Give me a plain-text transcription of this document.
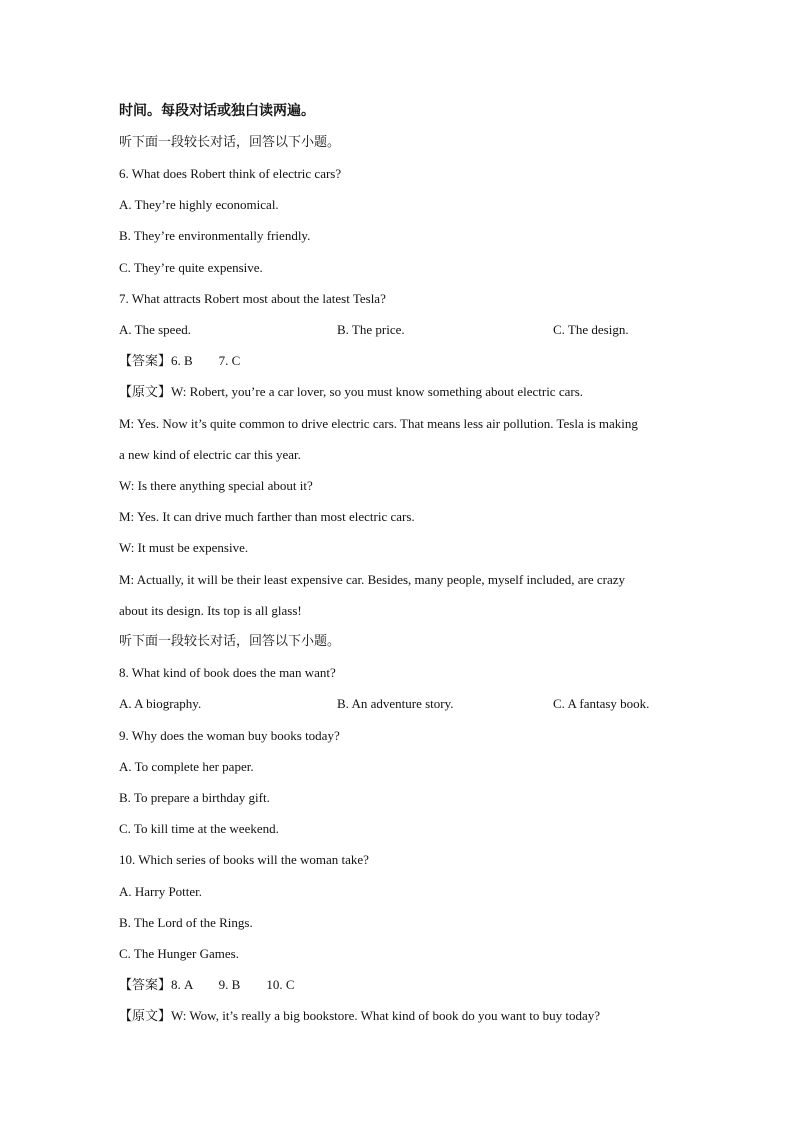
时间。每段对话或独白读两遍。
听下面一段较长对话，回答以下小题。
6. What does Robert think of electric cars?
A. They’re highly economical.
B. They’re environmentally friendly.
C. They’re quite expensive.
7. What attracts Robert most about the latest Tesla?
A. The speed.	B. The price.	C. The design.
【答案】6. B        7. C
【原文】W: Robert, you’re a car lover, so you must know something about electric cars.
M: Yes. Now it’s quite common to drive electric cars. That means less air pollution. Tesla is making
a new kind of electric car this year.
W: Is there anything special about it?
M: Yes. It can drive much farther than most electric cars.
W: It must be expensive.
M: Actually, it will be their least expensive car. Besides, many people, myself included, are crazy
about its design. Its top is all glass!
听下面一段较长对话，回答以下小题。
8. What kind of book does the man want?
A. A biography.	B. An adventure story.	C. A fantasy book.
9. Why does the woman buy books today?
A. To complete her paper.
B. To prepare a birthday gift.
C. To kill time at the weekend.
10. Which series of books will the woman take?
A. Harry Potter.
B. The Lord of the Rings.
C. The Hunger Games.
【答案】8. A        9. B        10. C
【原文】W: Wow, it’s really a big bookstore. What kind of book do you want to buy today?
